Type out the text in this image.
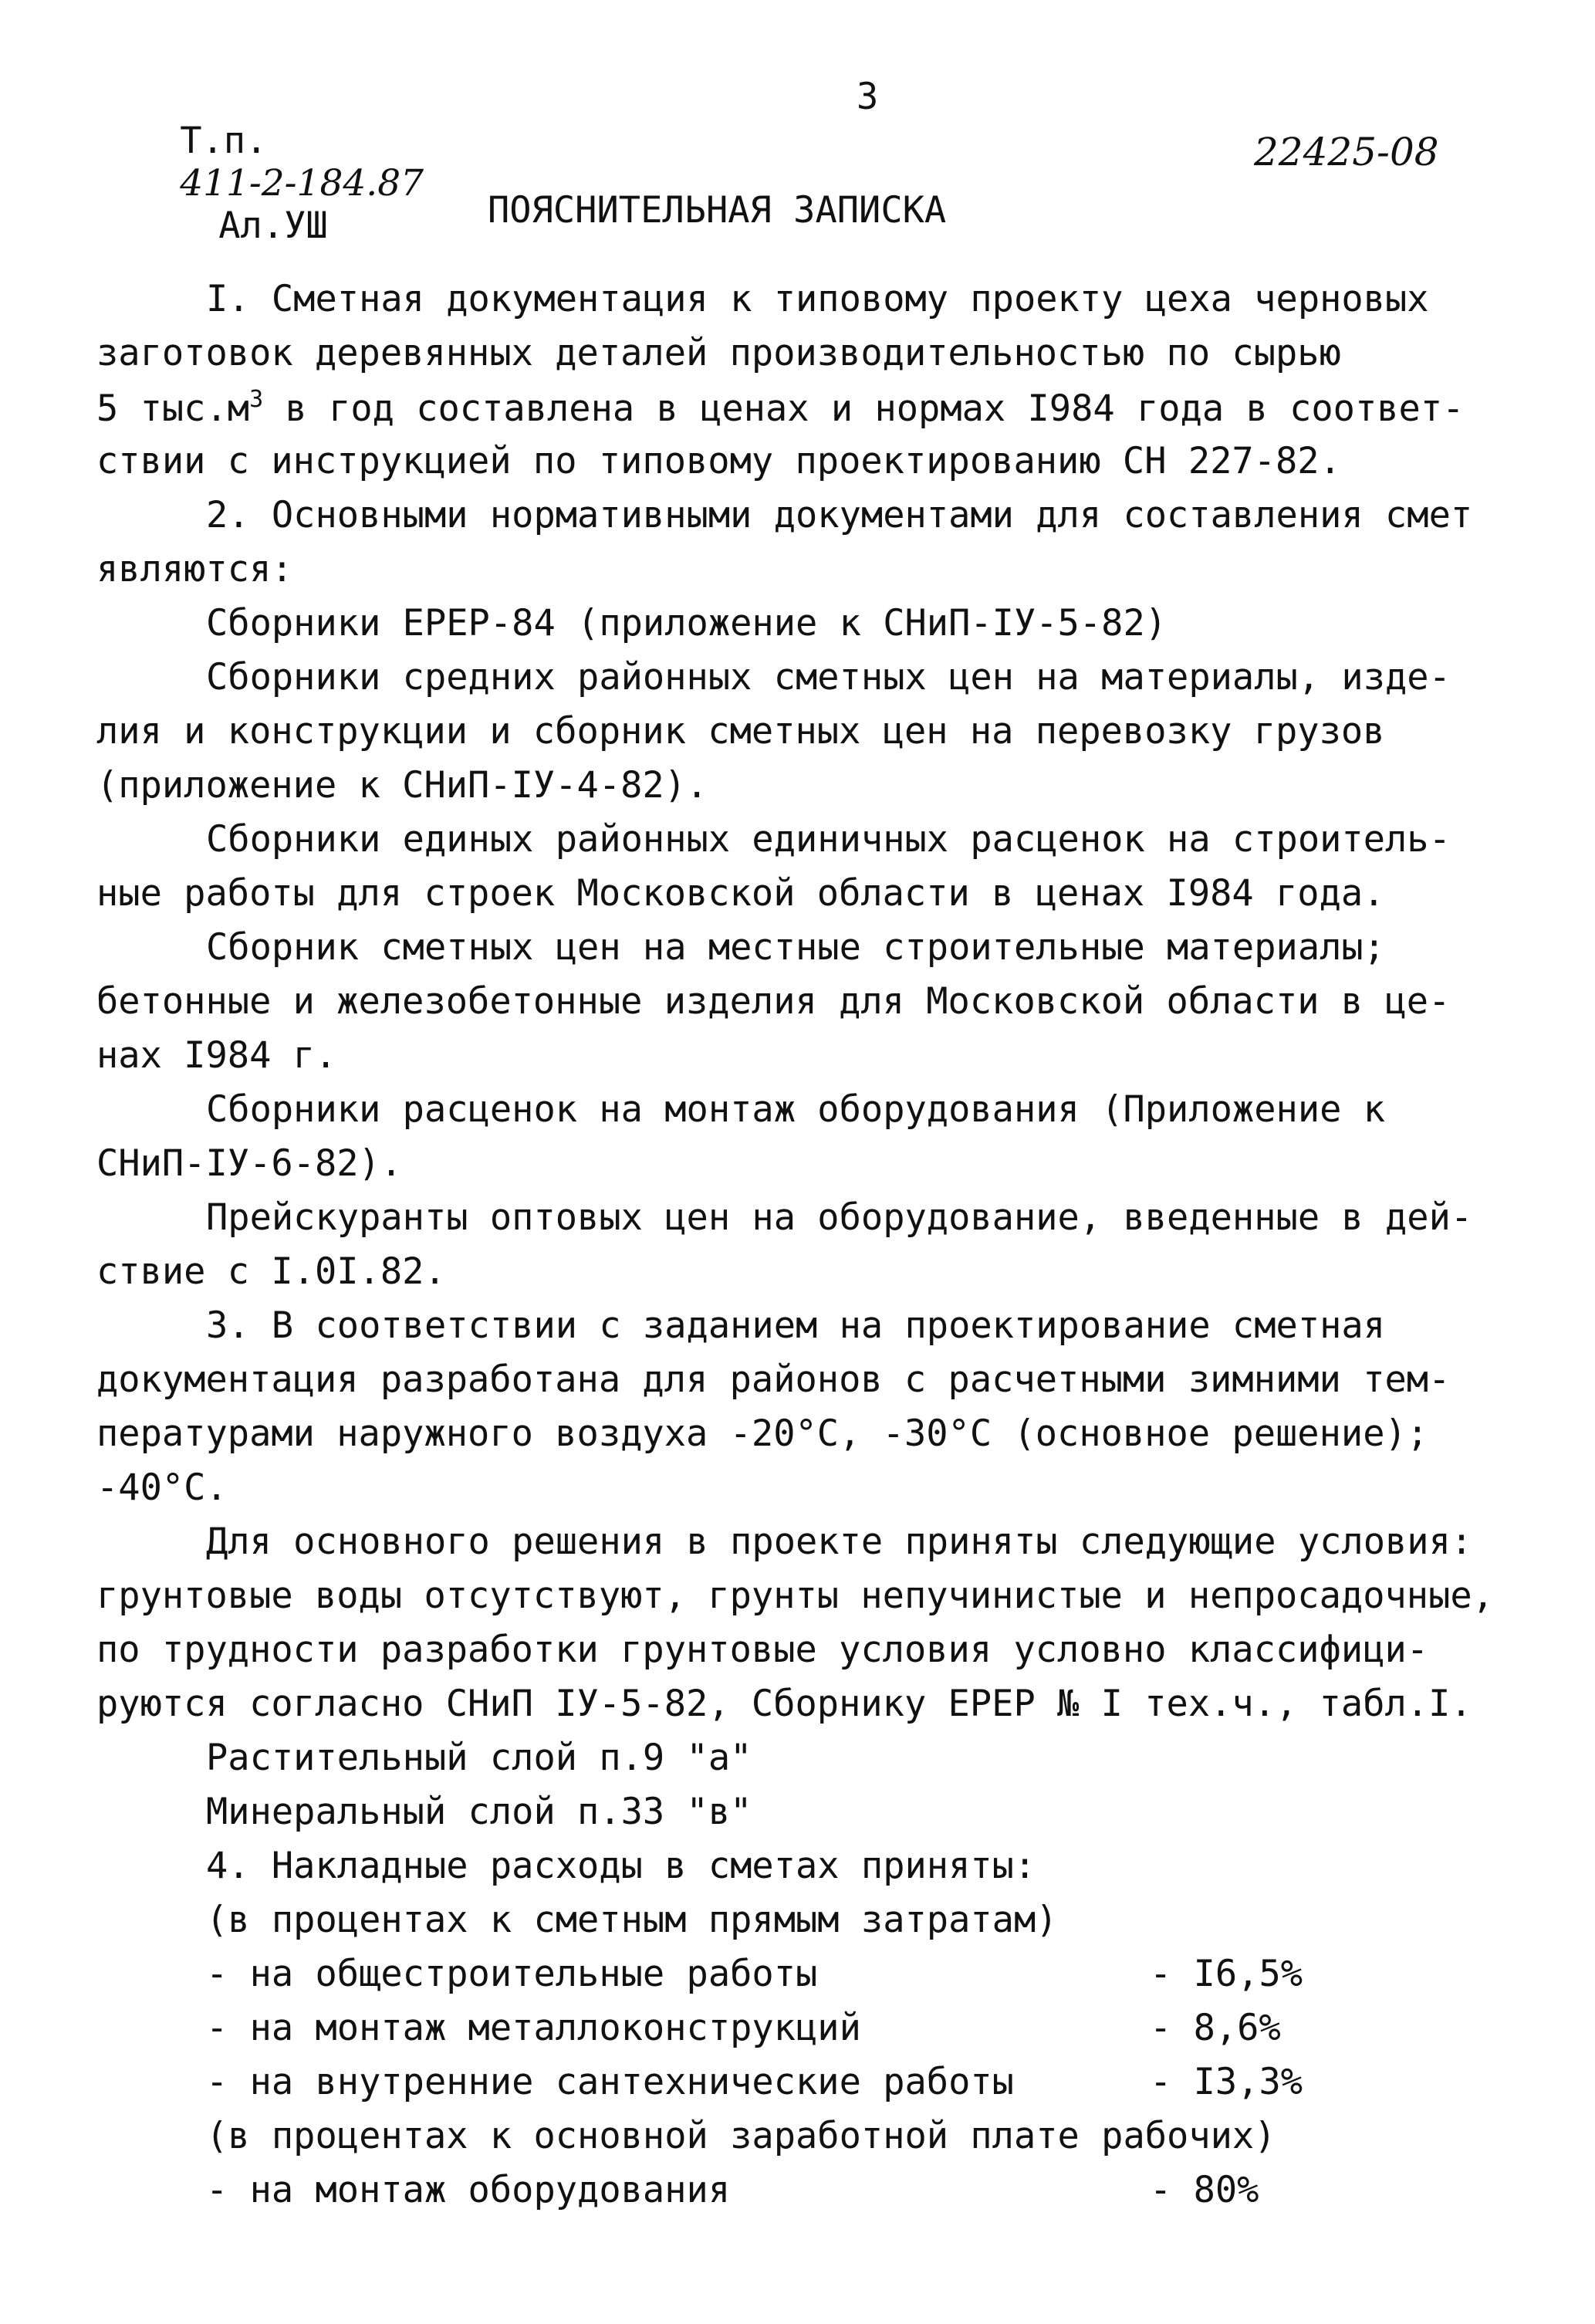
Т.п.
411-2-184.87
Ал.УШ

3
22425-08
ПОЯСНИТЕЛЬНАЯ ЗАПИСКА
I. Сметная документация к типовому проекту цеха черновых
заготовок деревянных деталей производительностью по сырью
5 $тыс.м^3$ в год составлена в ценах и нормах I984 года в соответ-
ствии с инструкцией по типовому проектированию СН 227-82.
2. Основными нормативными документами для составления смет
являются:
Сборники ЕРЕР-84 (приложение к СНиП-IУ-5-82)
Сборники средних районных сметных цен на материалы, изде-
лия и конструкции и сборник сметных цен на перевозку грузов
(приложение к СНиП-IУ-4-82).
Сборники единых районных единичных расценок на строитель-
ные работы для строек Московской области в ценах I984 года.
Сборник сметных цен на местные строительные материалы;
бетонные и железобетонные изделия для Московской области в це-
нах I984 г.
Сборники расценок на монтаж оборудования (Приложение к
СНиП-IУ-6-82).
Прейскуранты оптовых цен на оборудование, введенные в дей-
ствие с I.0I.82.
3. В соответствии с заданием на проектирование сметная
документация разработана для районов с расчетными зимними тем-
пературами наружного воздуха -20°С, -30°С (основное решение);
-40°С.
Для основного решения в проекте приняты следующие условия:
грунтовые воды отсутствуют, грунты непучинистые и непросадочные,
по трудности разработки грунтовые условия условно классифици-
руются согласно СНиП IУ-5-82, Сборнику ЕРЕР № I тех.ч., табл.I.
Растительный слой п.9 "а"
Минеральный слой п.33 "в"
4. Накладные расходы в сметах приняты:
(в процентах к сметным прямым затратам)
- на общестроительные работы	- I6,5%
- на монтаж металлоконструкций	- 8,6%
- на внутренние сантехнические работы	- I3,3%
(в процентах к основной заработной плате рабочих)
- на монтаж оборудования	- 80%
